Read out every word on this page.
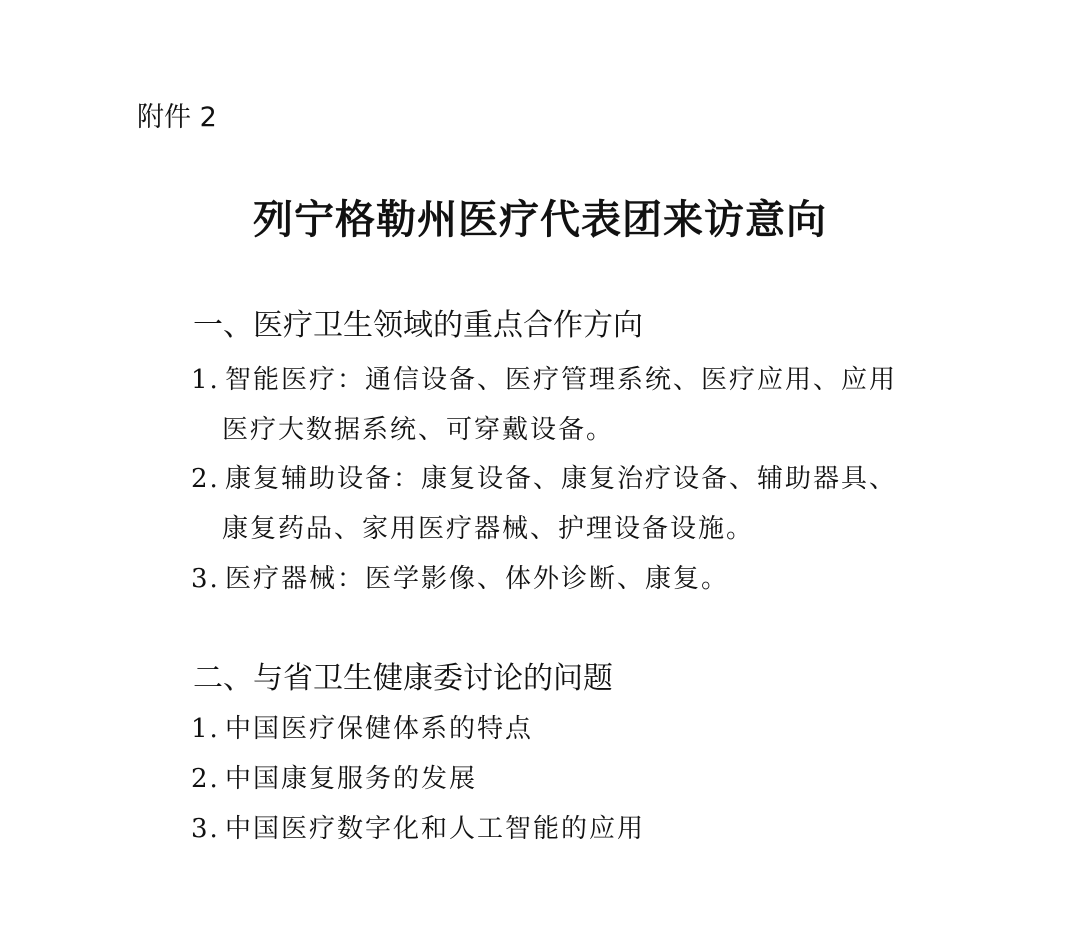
附件 2
列宁格勒州医疗代表团来访意向
一、医疗卫生领域的重点合作方向
1. 智能医疗：通信设备、医疗管理系统、医疗应用、应用
医疗大数据系统、可穿戴设备。
2. 康复辅助设备：康复设备、康复治疗设备、辅助器具、
康复药品、家用医疗器械、护理设备设施。
3. 医疗器械：医学影像、体外诊断、康复。
二、与省卫生健康委讨论的问题
1. 中国医疗保健体系的特点
2. 中国康复服务的发展
3. 中国医疗数字化和人工智能的应用
